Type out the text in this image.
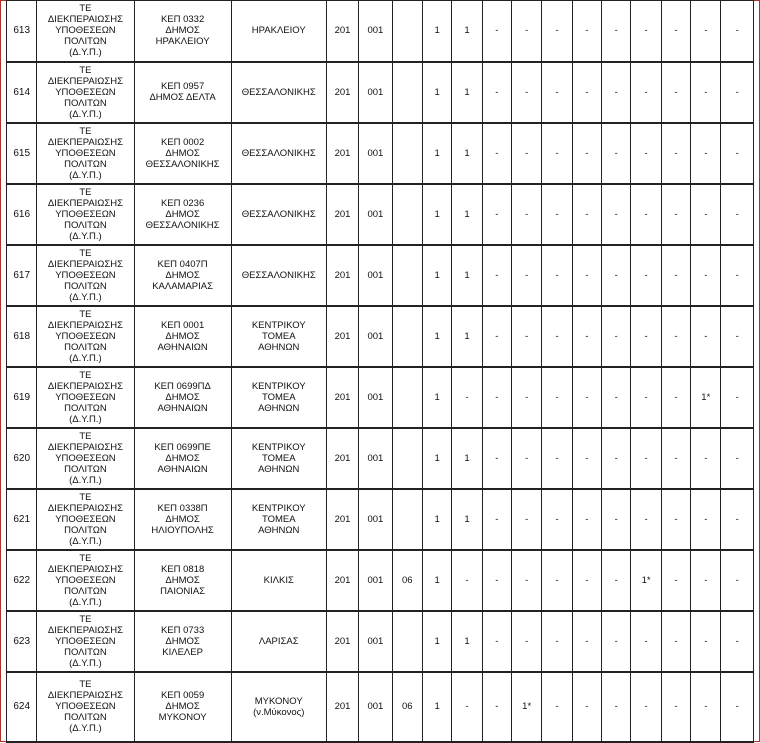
613	ΤΕ
ΔΙΕΚΠΕΡΑΙΩΣΗΣ
ΥΠΟΘΕΣΕΩΝ
ΠΟΛΙΤΩΝ
(Δ.Υ.Π.)	ΚΕΠ 0332
ΔΗΜΟΣ
ΗΡΑΚΛΕΙΟΥ	ΗΡΑΚΛΕΙΟΥ	201	001		1	1	-	-	-	-	-	-	-	-	-
614	ΤΕ
ΔΙΕΚΠΕΡΑΙΩΣΗΣ
ΥΠΟΘΕΣΕΩΝ
ΠΟΛΙΤΩΝ
(Δ.Υ.Π.)	ΚΕΠ 0957
ΔΗΜΟΣ ΔΕΛΤΑ	ΘΕΣΣΑΛΟΝΙΚΗΣ	201	001		1	1	-	-	-	-	-	-	-	-	-
615	ΤΕ
ΔΙΕΚΠΕΡΑΙΩΣΗΣ
ΥΠΟΘΕΣΕΩΝ
ΠΟΛΙΤΩΝ
(Δ.Υ.Π.)	ΚΕΠ 0002
ΔΗΜΟΣ
ΘΕΣΣΑΛΟΝΙΚΗΣ	ΘΕΣΣΑΛΟΝΙΚΗΣ	201	001		1	1	-	-	-	-	-	-	-	-	-
616	ΤΕ
ΔΙΕΚΠΕΡΑΙΩΣΗΣ
ΥΠΟΘΕΣΕΩΝ
ΠΟΛΙΤΩΝ
(Δ.Υ.Π.)	ΚΕΠ 0236
ΔΗΜΟΣ
ΘΕΣΣΑΛΟΝΙΚΗΣ	ΘΕΣΣΑΛΟΝΙΚΗΣ	201	001		1	1	-	-	-	-	-	-	-	-	-
617	ΤΕ
ΔΙΕΚΠΕΡΑΙΩΣΗΣ
ΥΠΟΘΕΣΕΩΝ
ΠΟΛΙΤΩΝ
(Δ.Υ.Π.)	ΚΕΠ 0407Π
ΔΗΜΟΣ
ΚΑΛΑΜΑΡΙΑΣ	ΘΕΣΣΑΛΟΝΙΚΗΣ	201	001		1	1	-	-	-	-	-	-	-	-	-
618	ΤΕ
ΔΙΕΚΠΕΡΑΙΩΣΗΣ
ΥΠΟΘΕΣΕΩΝ
ΠΟΛΙΤΩΝ
(Δ.Υ.Π.)	ΚΕΠ 0001
ΔΗΜΟΣ
ΑΘΗΝΑΙΩΝ	ΚΕΝΤΡΙΚΟΥ
ΤΟΜΕΑ
ΑΘΗΝΩΝ	201	001		1	1	-	-	-	-	-	-	-	-	-
619	ΤΕ
ΔΙΕΚΠΕΡΑΙΩΣΗΣ
ΥΠΟΘΕΣΕΩΝ
ΠΟΛΙΤΩΝ
(Δ.Υ.Π.)	ΚΕΠ 0699ΠΔ
ΔΗΜΟΣ
ΑΘΗΝΑΙΩΝ	ΚΕΝΤΡΙΚΟΥ
ΤΟΜΕΑ
ΑΘΗΝΩΝ	201	001		1	-	-	-	-	-	-	-	-	1*	-
620	ΤΕ
ΔΙΕΚΠΕΡΑΙΩΣΗΣ
ΥΠΟΘΕΣΕΩΝ
ΠΟΛΙΤΩΝ
(Δ.Υ.Π.)	ΚΕΠ 0699ΠΕ
ΔΗΜΟΣ
ΑΘΗΝΑΙΩΝ	ΚΕΝΤΡΙΚΟΥ
ΤΟΜΕΑ
ΑΘΗΝΩΝ	201	001		1	1	-	-	-	-	-	-	-	-	-
621	ΤΕ
ΔΙΕΚΠΕΡΑΙΩΣΗΣ
ΥΠΟΘΕΣΕΩΝ
ΠΟΛΙΤΩΝ
(Δ.Υ.Π.)	ΚΕΠ 0338Π
ΔΗΜΟΣ
ΗΛΙΟΥΠΟΛΗΣ	ΚΕΝΤΡΙΚΟΥ
ΤΟΜΕΑ
ΑΘΗΝΩΝ	201	001		1	1	-	-	-	-	-	-	-	-	-
622	ΤΕ
ΔΙΕΚΠΕΡΑΙΩΣΗΣ
ΥΠΟΘΕΣΕΩΝ
ΠΟΛΙΤΩΝ
(Δ.Υ.Π.)	ΚΕΠ 0818
ΔΗΜΟΣ
ΠΑΙΟΝΙΑΣ	ΚΙΛΚΙΣ	201	001	06	1	-	-	-	-	-	-	1*	-	-	-
623	ΤΕ
ΔΙΕΚΠΕΡΑΙΩΣΗΣ
ΥΠΟΘΕΣΕΩΝ
ΠΟΛΙΤΩΝ
(Δ.Υ.Π.)	ΚΕΠ 0733
ΔΗΜΟΣ
ΚΙΛΕΛΕΡ	ΛΑΡΙΣΑΣ	201	001		1	1	-	-	-	-	-	-	-	-	-
624	ΤΕ
ΔΙΕΚΠΕΡΑΙΩΣΗΣ
ΥΠΟΘΕΣΕΩΝ
ΠΟΛΙΤΩΝ
(Δ.Υ.Π.)	ΚΕΠ 0059
ΔΗΜΟΣ
ΜΥΚΟΝΟΥ	ΜΥΚΟΝΟΥ
(ν.Μύκονος)	201	001	06	1	-	-	1*	-	-	-	-	-	-	-
